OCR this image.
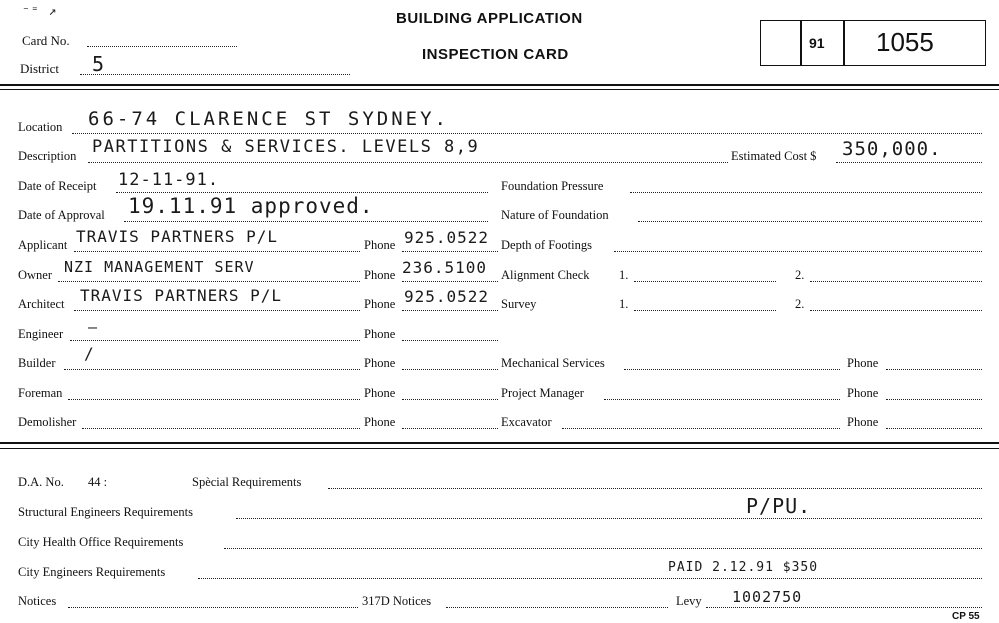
⁻⁼ ↗
Card No.
District 5
BUILDING APPLICATION
INSPECTION CARD
91 1055
Location 66-74 CLARENCE ST SYDNEY.
Description PARTITIONS & SERVICES. LEVELS 8,9	Estimated Cost $ 350,000.
Date of Receipt 12-11-91.
Date of Approval 19.11.91 approved.
Applicant TRAVIS PARTNERS P/L	Phone 925.0522
Owner NZI MANAGEMENT SERV	Phone 236.5100
Architect TRAVIS PARTNERS P/L	Phone 925.0522
Engineer —	Phone
Builder /	Phone
Foreman	Phone
Demolisher	Phone
Foundation Pressure
Nature of Foundation
Depth of Footings
Alignment Check 1.	2.
Survey	1.	2.
Mechanical Services	Phone
Project Manager	Phone
Excavator	Phone
D.A. No. 44 :	Spècial Requirements
Structural Engineers Requirements	P/PU.
City Health Office Requirements
City Engineers Requirements	PAID 2.12.91 $350
Notices	317D Notices	Levy 1002750
CP 55
